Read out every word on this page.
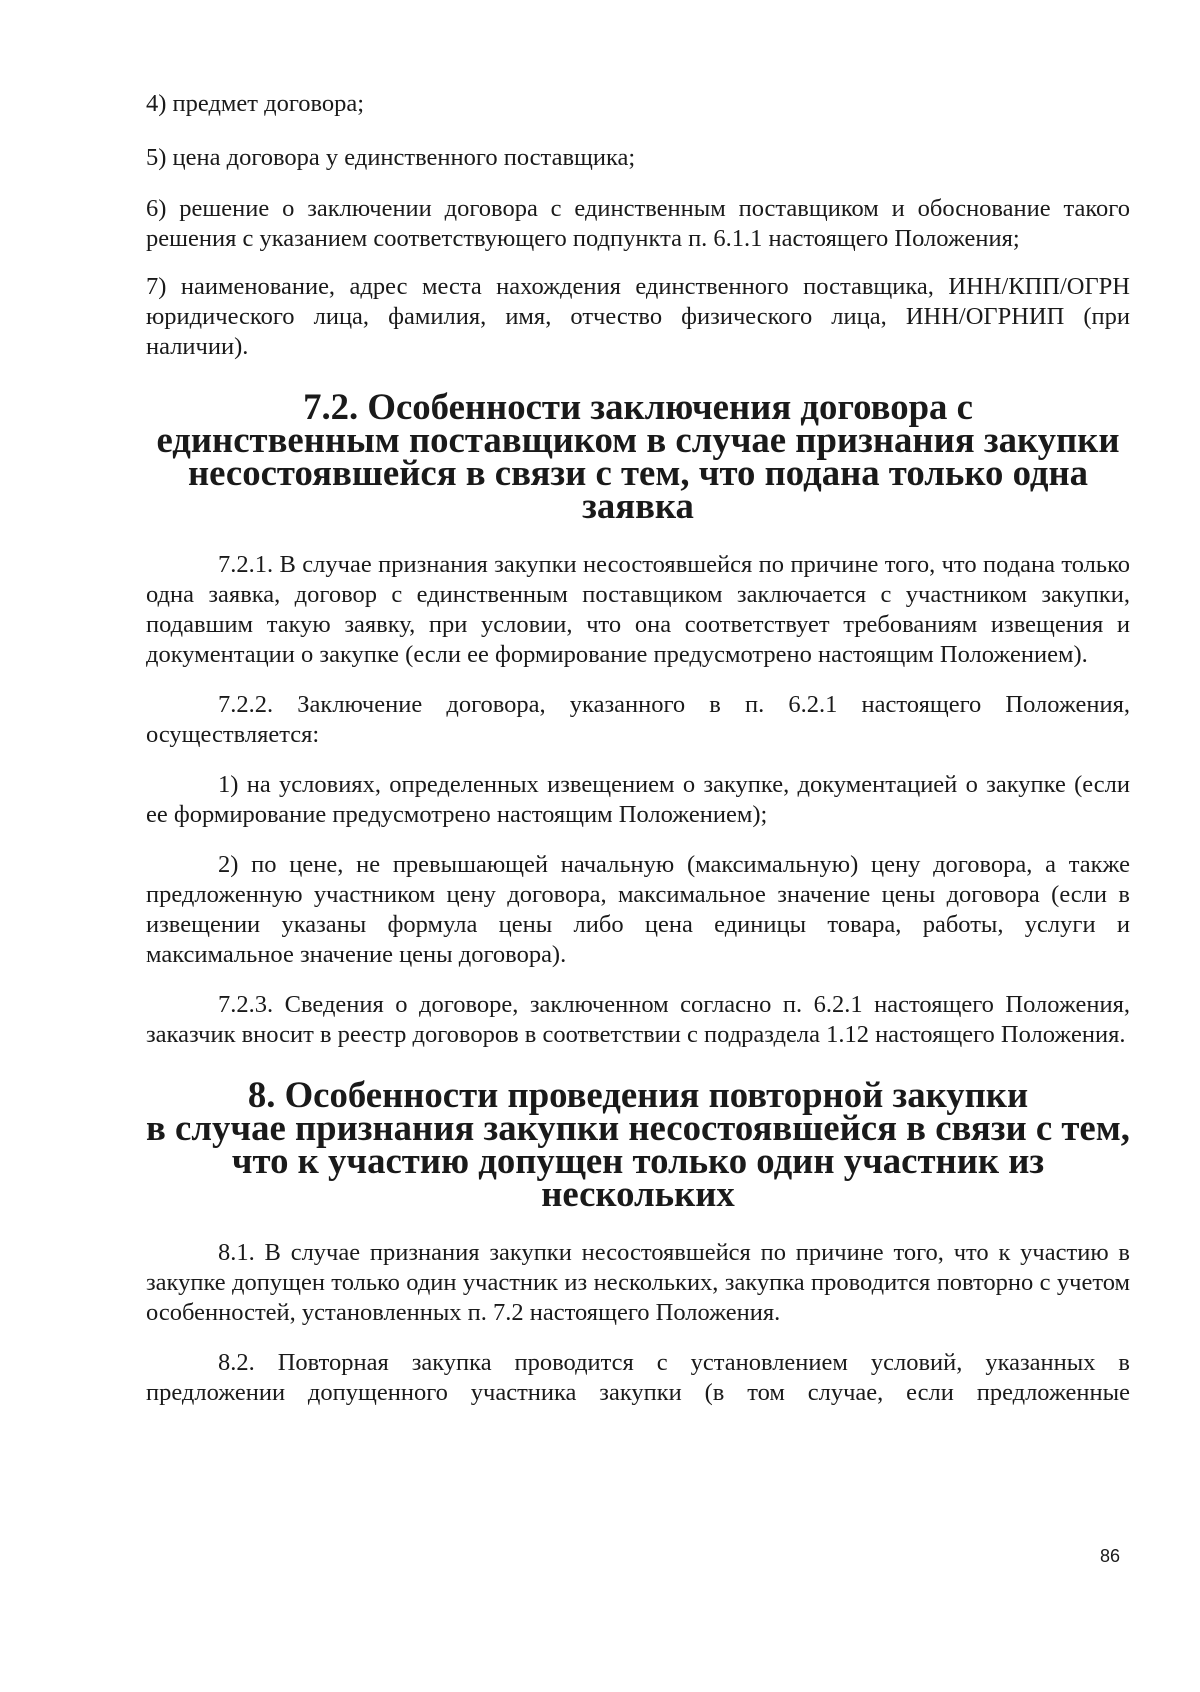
4) предмет договора;

5) цена договора у единственного поставщика;

6) решение о заключении договора с единственным поставщиком и обоснование такого решения с указанием соответствующего подпункта п. 6.1.1 настоящего Положения;

7) наименование, адрес места нахождения единственного поставщика, ИНН/КПП/ОГРН юридического лица, фамилия, имя, отчество физического лица, ИНН/ОГРНИП (при наличии).

7.2. Особенности заключения договора с
единственным поставщиком в случае признания закупки
несостоявшейся в связи с тем, что подана только одна заявка

7.2.1. В случае признания закупки несостоявшейся по причине того, что подана только одна заявка, договор с единственным поставщиком заключается с участником закупки, подавшим такую заявку, при условии, что она соответствует требованиям извещения и документации о закупке (если ее формирование предусмотрено настоящим Положением).

7.2.2. Заключение договора, указанного в п. 6.2.1 настоящего Положения, осуществляется:

1) на условиях, определенных извещением о закупке, документацией о закупке (если ее формирование предусмотрено настоящим Положением);

2) по цене, не превышающей начальную (максимальную) цену договора, а также предложенную участником цену договора, максимальное значение цены договора (если в извещении указаны формула цены либо цена единицы товара, работы, услуги и максимальное значение цены договора).

7.2.3. Сведения о договоре, заключенном согласно п. 6.2.1 настоящего Положения, заказчик вносит в реестр договоров в соответствии с подраздела 1.12 настоящего Положения.

8. Особенности проведения повторной закупки
в случае признания закупки несостоявшейся в связи с тем,
что к участию допущен только один участник из нескольких

8.1. В случае признания закупки несостоявшейся по причине того, что к участию в закупке допущен только один участник из нескольких, закупка проводится повторно с учетом особенностей, установленных п. 7.2 настоящего Положения.

8.2. Повторная закупка проводится с установлением условий, указанных в предложении допущенного участника закупки (в том случае, если предложенные

86
